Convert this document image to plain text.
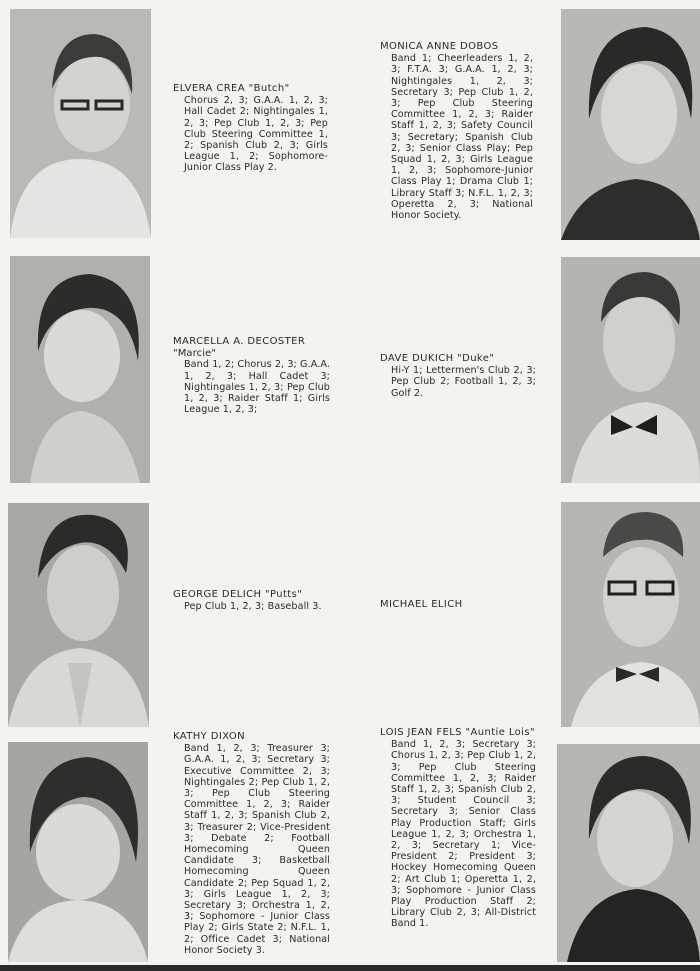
ELVERA CREA "Butch"
Chorus 2, 3; G.A.A. 1, 2, 3; Hall Cadet 2; Nightingales 1, 2, 3; Pep Club 1, 2, 3; Pep Club Steering Committee 1, 2; Spanish Club 2, 3; Girls League 1, 2; Sophomore-Junior Class Play 2.
MONICA ANNE DOBOS
Band 1; Cheerleaders 1, 2, 3; F.T.A. 3; G.A.A. 1, 2, 3; Nightingales 1, 2, 3; Secretary 3; Pep Club 1, 2, 3; Pep Club Steering Committee 1, 2, 3; Raider Staff 1, 2, 3; Safety Council 3; Secretary; Spanish Club 2, 3; Senior Class Play; Pep Squad 1, 2, 3; Girls League 1, 2, 3; Sophomore-Junior Class Play 1; Drama Club 1; Library Staff 3; N.F.L. 1, 2, 3; Operetta 2, 3; National Honor Society.
MARCELLA A. DECOSTER
"Marcie"
Band 1, 2; Chorus 2, 3; G.A.A. 1, 2, 3; Hall Cadet 3; Nightingales 1, 2, 3; Pep Club 1, 2, 3; Raider Staff 1; Girls League 1, 2, 3;
DAVE DUKICH "Duke"
Hi-Y 1; Lettermen's Club 2, 3; Pep Club 2; Football 1, 2, 3; Golf 2.
GEORGE DELICH "Putts"
Pep Club 1, 2, 3; Baseball 3.	MICHAEL ELICH
KATHY DIXON
Band 1, 2, 3; Treasurer 3; G.A.A. 1, 2, 3; Secretary 3; Executive Committee 2, 3; Nightingales 2; Pep Club 1, 2, 3; Pep Club Steering Committee 1, 2, 3; Raider Staff 1, 2, 3; Spanish Club 2, 3; Treasurer 2; Vice-President 3; Debate 2; Football Homecoming Queen Candidate 3; Basketball Homecoming Queen Candidate 2; Pep Squad 1, 2, 3; Girls League 1, 2, 3; Secretary 3; Orchestra 1, 2, 3; Sophomore - Junior Class Play 2; Girls State 2; N.F.L. 1, 2; Office Cadet 3; National Honor Society 3.
LOIS JEAN FELS "Auntie Lois"
Band 1, 2, 3; Secretary 3; Chorus 1, 2, 3; Pep Club 1, 2, 3; Pep Club Steering Committee 1, 2, 3; Raider Staff 1, 2, 3; Spanish Club 2, 3; Student Council 3; Secretary 3; Senior Class Play Production Staff; Girls League 1, 2, 3; Orchestra 1, 2, 3; Secretary 1; Vice-President 2; President 3; Hockey Homecoming Queen 2; Art Club 1; Operetta 1, 2, 3; Sophomore - Junior Class Play Production Staff 2; Library Club 2, 3; All-District Band 1.
